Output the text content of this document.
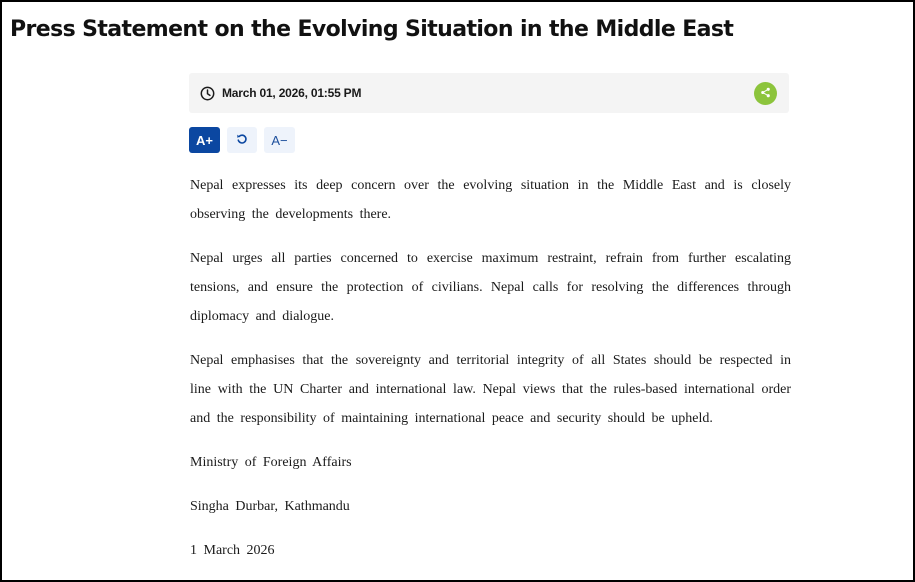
Press Statement on the Evolving Situation in the Middle East
March 01, 2026, 01:55 PM
A+	A−

Nepal expresses its deep concern over the evolving situation in the Middle East and is closely observing the developments there.

Nepal urges all parties concerned to exercise maximum restraint, refrain from further escalating tensions, and ensure the protection of civilians. Nepal calls for resolving the differences through diplomacy and dialogue.

Nepal emphasises that the sovereignty and territorial integrity of all States should be respected in line with the UN Charter and international law. Nepal views that the rules-based international order and the responsibility of maintaining international peace and security should be upheld.

Ministry of Foreign Affairs

Singha Durbar, Kathmandu

1 March 2026
